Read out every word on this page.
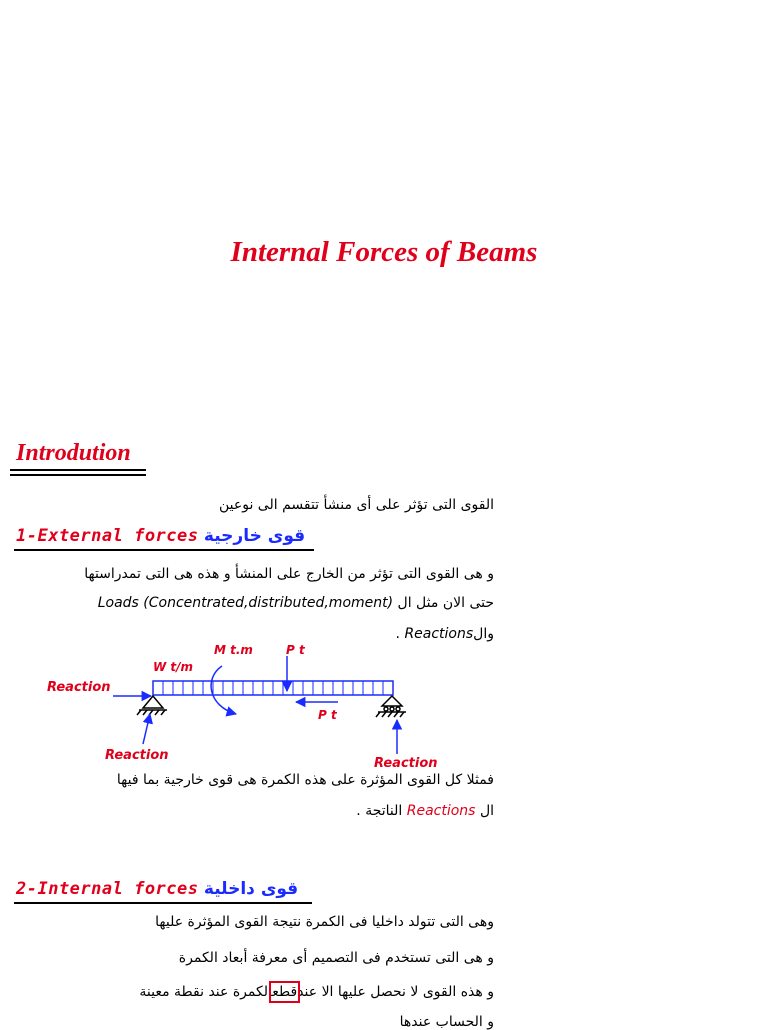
Internal Forces of Beams
Introdution
القوى التى تؤثر على أى منشأ تتقسم الى نوعين
1-External forces قوى خارجية
و هى القوى التى تؤثر من الخارج على المنشأ و هذه هى التى تمدراستها
حتى الان مثل ال Loads (Concentrated,distributed,moment)
والReactions .
Reaction
Reaction
Reaction
W t/m
M t.m	P t
P t
فمثلا كل القوى المؤثرة على هذه الكمرة هى قوى خارجية بما فيها
ال Reactions الناتجة .
2-Internal forces قوى داخلية
وهى التى تتولد داخليا فى الكمرة نتيجة القوى المؤثرة عليها
و هى التى تستخدم فى التصميم أى معرفة أبعاد الكمرة
و هذه القوى لا نحصل عليها الا عندقطعالكمرة عند نقطة معينة
و الحساب عندها
